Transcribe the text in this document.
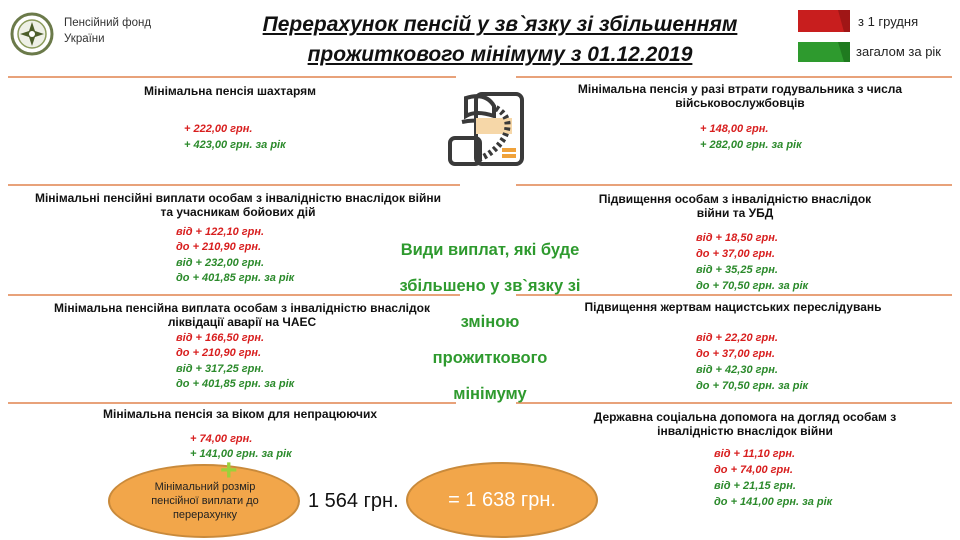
Пенсійний фонд
України
Перерахунок пенсій у зв`язку зі збільшенням
прожиткового мінімуму з 01.12.2019
з 1 грудня
загалом за рік
Мінімальна пенсія шахтарям
+ 222,00 грн.
+ 423,00 грн. за рік
Мінімальна пенсія у разі втрати годувальника з числа
військовослужбовців
+ 148,00 грн.
+ 282,00 грн. за рік
Мінімальні пенсійні виплати особам з інвалідністю внаслідок війни
та учасникам бойових дій
від + 122,10 грн.
до + 210,90 грн.
від + 232,00 грн.
до + 401,85 грн. за рік
Підвищення особам з інвалідністю внаслідок
війни та УБД
від + 18,50 грн.
до + 37,00 грн.
від + 35,25 грн.
до + 70,50 грн. за рік
Види виплат, які буде
збільшено у зв`язку зі
зміною
прожиткового
мінімуму
Мінімальна пенсійна виплата особам з інвалідністю внаслідок
ліквідації аварії на ЧАЕС
від + 166,50 грн.
до + 210,90 грн.
від + 317,25 грн.
до + 401,85 грн. за рік
Підвищення жертвам нацистських переслідувань
від + 22,20 грн.
до + 37,00 грн.
від + 42,30 грн.
до + 70,50 грн. за рік
Мінімальна пенсія за віком для непрацюючих
+ 74,00 грн.
+ 141,00 грн. за рік
Державна соціальна допомога на догляд особам з
інвалідністю внаслідок війни
від + 11,10 грн.
до + 74,00 грн.
від + 21,15 грн.
до + 141,00 грн. за рік
Мінімальний розмір
пенсійної виплати до
перерахунку
+
1 564 грн.	= 1 638 грн.
